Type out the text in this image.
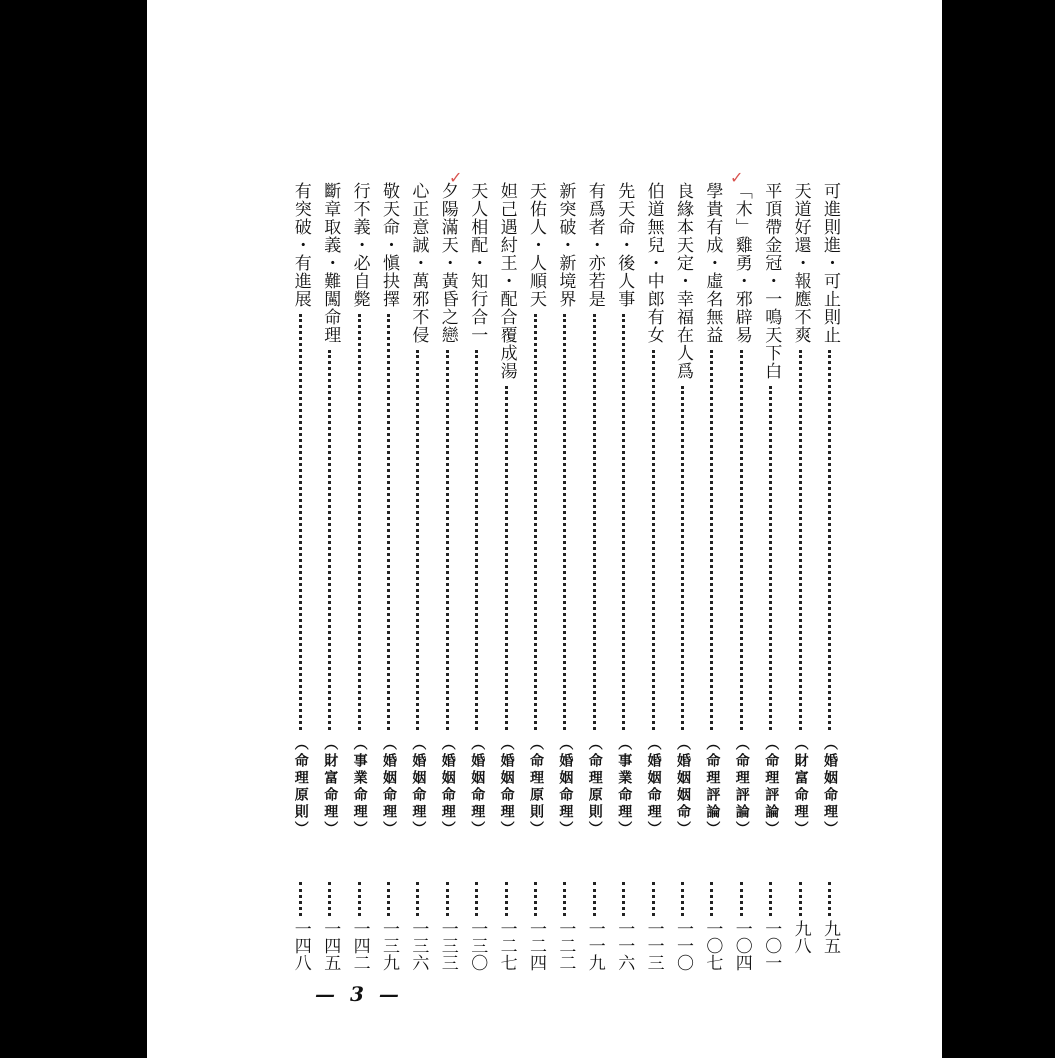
可進則進・可止則止
（婚姻命理）
九五
天道好還・報應不爽
（財富命理）
九八
平頂帶金冠・一鳴天下白
（命理評論）
一〇一
「木」雞勇・邪辟易
（命理評論）
一〇四
學貴有成・虛名無益
（命理評論）
一〇七
良緣本天定・幸福在人爲
（婚姻姻命）
一一〇
伯道無兒・中郎有女
（婚姻命理）
一一三
先天命・後人事
（事業命理）
一一六
有爲者・亦若是
（命理原則）
一一九
新突破・新境界
（婚姻命理）
一二二
天佑人・人順天
（命理原則）
一二四
妲己遇紂王・配合覆成湯
（婚姻命理）
一二七
天人相配・知行合一
（婚姻命理）
一三〇
夕陽滿天・黃昏之戀
（婚姻命理）
一三三
心正意誠・萬邪不侵
（婚姻命理）
一三六
敬天命・愼抉擇
（婚姻命理）
一三九
行不義・必自斃
（事業命理）
一四二
斷章取義・難闖命理
（財富命理）
一四五
有突破・有進展
（命理原則）
一四八
— 3 —
✓
✓
